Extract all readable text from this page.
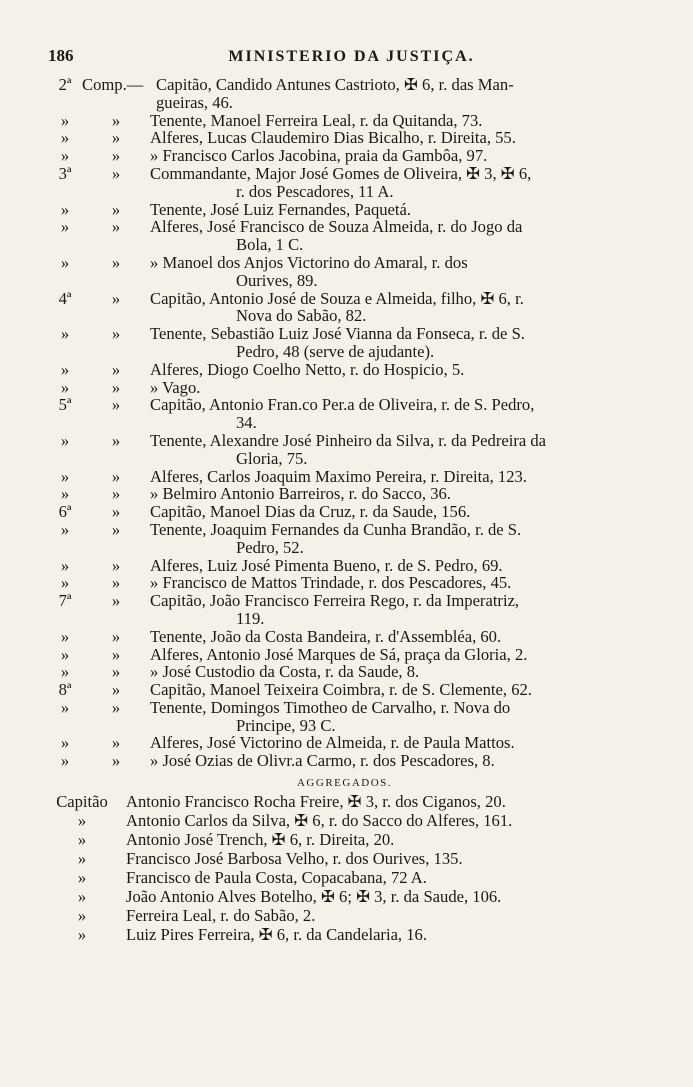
186	MINISTERIO DA JUSTIÇA.
2ª Comp.— Capitão, Candido Antunes Castrioto, ✠ 6, r. das Man-
gueiras, 46.
»	»	Tenente, Manoel Ferreira Leal, r. da Quitanda, 73.
»	»	Alferes, Lucas Claudemiro Dias Bicalho, r. Direita, 55.
»	»	» Francisco Carlos Jacobina, praia da Gambôa, 97.
3ª	»	Commandante, Major José Gomes de Oliveira, ✠ 3, ✠ 6,
r. dos Pescadores, 11 A.
»	»	Tenente, José Luiz Fernandes, Paquetá.
»	»	Alferes, José Francisco de Souza Almeida, r. do Jogo da
Bola, 1 C.
»	»	» Manoel dos Anjos Victorino do Amaral, r. dos
Ourives, 89.
4ª	»	Capitão, Antonio José de Souza e Almeida, filho, ✠ 6, r.
Nova do Sabão, 82.
»	»	Tenente, Sebastião Luiz José Vianna da Fonseca, r. de S.
Pedro, 48 (serve de ajudante).
»	»	Alferes, Diogo Coelho Netto, r. do Hospicio, 5.
»	»	» Vago.
5ª	»	Capitão, Antonio Fran.co Per.a de Oliveira, r. de S. Pedro,
34.
»	»	Tenente, Alexandre José Pinheiro da Silva, r. da Pedreira da
Gloria, 75.
»	»	Alferes, Carlos Joaquim Maximo Pereira, r. Direita, 123.
»	»	» Belmiro Antonio Barreiros, r. do Sacco, 36.
6ª	»	Capitão, Manoel Dias da Cruz, r. da Saude, 156.
»	»	Tenente, Joaquim Fernandes da Cunha Brandão, r. de S.
Pedro, 52.
»	»	Alferes, Luiz José Pimenta Bueno, r. de S. Pedro, 69.
»	»	» Francisco de Mattos Trindade, r. dos Pescadores, 45.
7ª	»	Capitão, João Francisco Ferreira Rego, r. da Imperatriz,
119.
»	»	Tenente, João da Costa Bandeira, r. d'Assembléa, 60.
»	»	Alferes, Antonio José Marques de Sá, praça da Gloria, 2.
»	»	» José Custodio da Costa, r. da Saude, 8.
8ª	»	Capitão, Manoel Teixeira Coimbra, r. de S. Clemente, 62.
»	»	Tenente, Domingos Timotheo de Carvalho, r. Nova do
Principe, 93 C.
»	»	Alferes, José Victorino de Almeida, r. de Paula Mattos.
»	»	» José Ozias de Olivr.a Carmo, r. dos Pescadores, 8.
AGGREGADOS.
Capitão	Antonio Francisco Rocha Freire, ✠ 3, r. dos Ciganos, 20.
»	Antonio Carlos da Silva, ✠ 6, r. do Sacco do Alferes, 161.
»	Antonio José Trench, ✠ 6, r. Direita, 20.
»	Francisco José Barbosa Velho, r. dos Ourives, 135.
»	Francisco de Paula Costa, Copacabana, 72 A.
»	João Antonio Alves Botelho, ✠ 6; ✠ 3, r. da Saude, 106.
»	Ferreira Leal, r. do Sabão, 2.
»	Luiz Pires Ferreira, ✠ 6, r. da Candelaria, 16.
